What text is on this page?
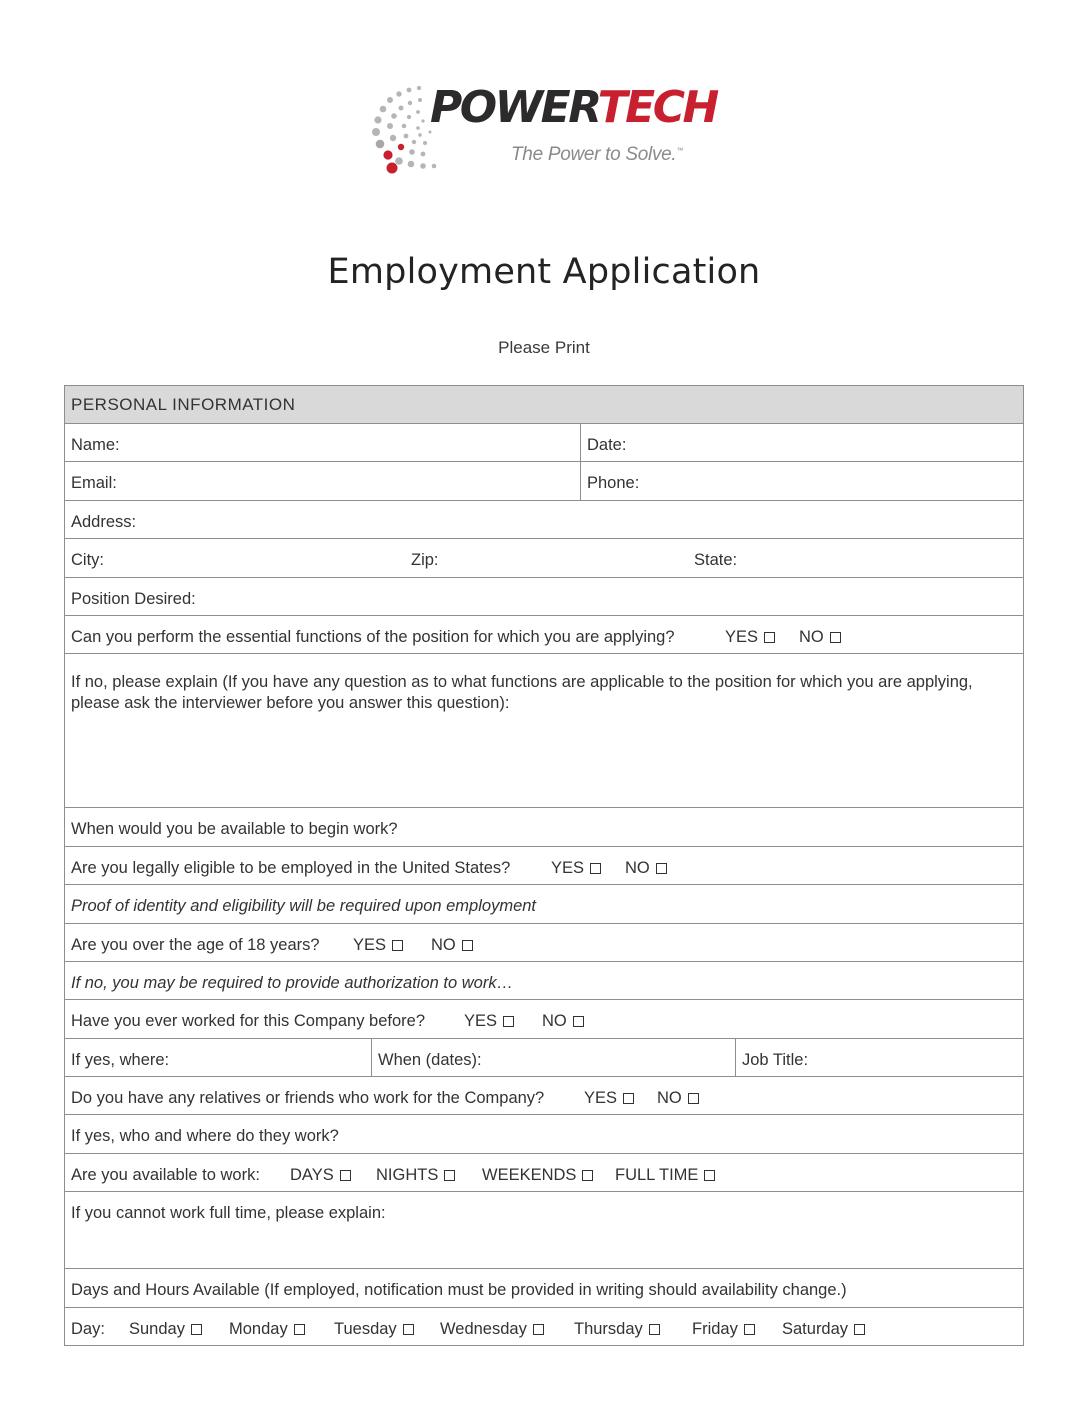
POWERTECH
The Power to Solve.™
Employment Application
Please Print
PERSONAL INFORMATION
Name:	Date:
Email:	Phone:
Address:
City:	Zip:	State:
Position Desired:
Can you perform the essential functions of the position for which you are applying?	YES	NO
If no, please explain (If you have any question as to what functions are applicable to the position for which you are applying, please ask the interviewer before you answer this question):
When would you be available to begin work?
Are you legally eligible to be employed in the United States? YES	NO
Proof of identity and eligibility will be required upon employment
Are you over the age of 18 years? YES	NO
If no, you may be required to provide authorization to work…
Have you ever worked for this Company before? YES	NO
If yes, where:	When (dates):	Job Title:
Do you have any relatives or friends who work for the Company? YES	NO
If yes, who and where do they work?
Are you available to work: DAYS	NIGHTS	WEEKENDS	FULL TIME
If you cannot work full time, please explain:
Days and Hours Available (If employed, notification must be provided in writing should availability change.)
Day: Sunday	Monday	Tuesday	Wednesday	Thursday	Friday	Saturday
